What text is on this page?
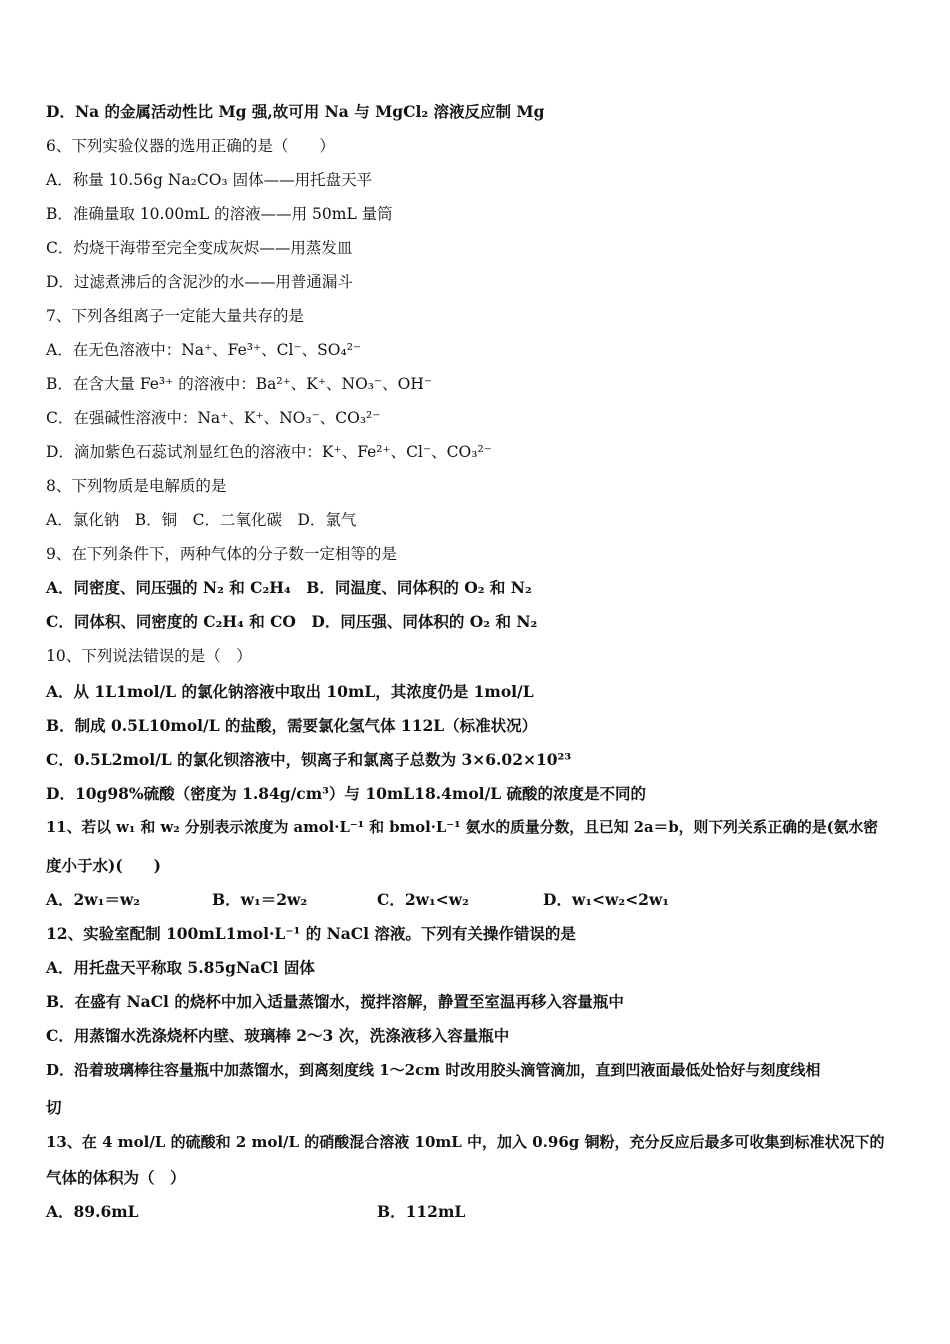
D．Na 的金属活动性比 Mg 强,故可用 Na 与 MgCl₂ 溶液反应制 Mg
6、下列实验仪器的选用正确的是（　　）
A．称量 10.56g Na₂CO₃ 固体——用托盘天平
B．准确量取 10.00mL 的溶液——用 50mL 量筒
C．灼烧干海带至完全变成灰烬——用蒸发皿
D．过滤煮沸后的含泥沙的水——用普通漏斗
7、下列各组离子一定能大量共存的是
A．在无色溶液中：Na⁺、Fe³⁺、Cl⁻、SO₄²⁻
B．在含大量 Fe³⁺ 的溶液中：Ba²⁺、K⁺、NO₃⁻、OH⁻
C．在强碱性溶液中：Na⁺、K⁺、NO₃⁻、CO₃²⁻
D．滴加紫色石蕊试剂显红色的溶液中：K⁺、Fe²⁺、Cl⁻、CO₃²⁻
8、下列物质是电解质的是
A．氯化钠　B．铜　C．二氧化碳　D．氯气
9、在下列条件下，两种气体的分子数一定相等的是
A．同密度、同压强的 N₂ 和 C₂H₄　B．同温度、同体积的 O₂ 和 N₂
C．同体积、同密度的 C₂H₄ 和 CO　D．同压强、同体积的 O₂ 和 N₂
10、下列说法错误的是（　）
A．从 1L1mol/L 的氯化钠溶液中取出 10mL，其浓度仍是 1mol/L
B．制成 0.5L10mol/L 的盐酸，需要氯化氢气体 112L（标准状况）
C．0.5L2mol/L 的氯化钡溶液中，钡离子和氯离子总数为 3×6.02×10²³
D．10g98%硫酸（密度为 1.84g/cm³）与 10mL18.4mol/L 硫酸的浓度是不同的
11、若以 w₁ 和 w₂ 分别表示浓度为 amol·L⁻¹ 和 bmol·L⁻¹ 氨水的质量分数，且已知 2a＝b，则下列关系正确的是(氨水密
度小于水)(　　)
A．2w₁＝w₂	B．w₁＝2w₂	C．2w₁<w₂	D．w₁<w₂<2w₁
12、实验室配制 100mL1mol·L⁻¹ 的 NaCl 溶液。下列有关操作错误的是
A．用托盘天平称取 5.85gNaCl 固体
B．在盛有 NaCl 的烧杯中加入适量蒸馏水，搅拌溶解，静置至室温再移入容量瓶中
C．用蒸馏水洗涤烧杯内壁、玻璃棒 2～3 次，洗涤液移入容量瓶中
D．沿着玻璃棒往容量瓶中加蒸馏水，到离刻度线 1～2cm 时改用胶头滴管滴加，直到凹液面最低处恰好与刻度线相
切
13、在 4 mol/L 的硫酸和 2 mol/L 的硝酸混合溶液 10mL 中，加入 0.96g 铜粉，充分反应后最多可收集到标准状况下的
气体的体积为（　）
A．89.6mL	B．112mL
